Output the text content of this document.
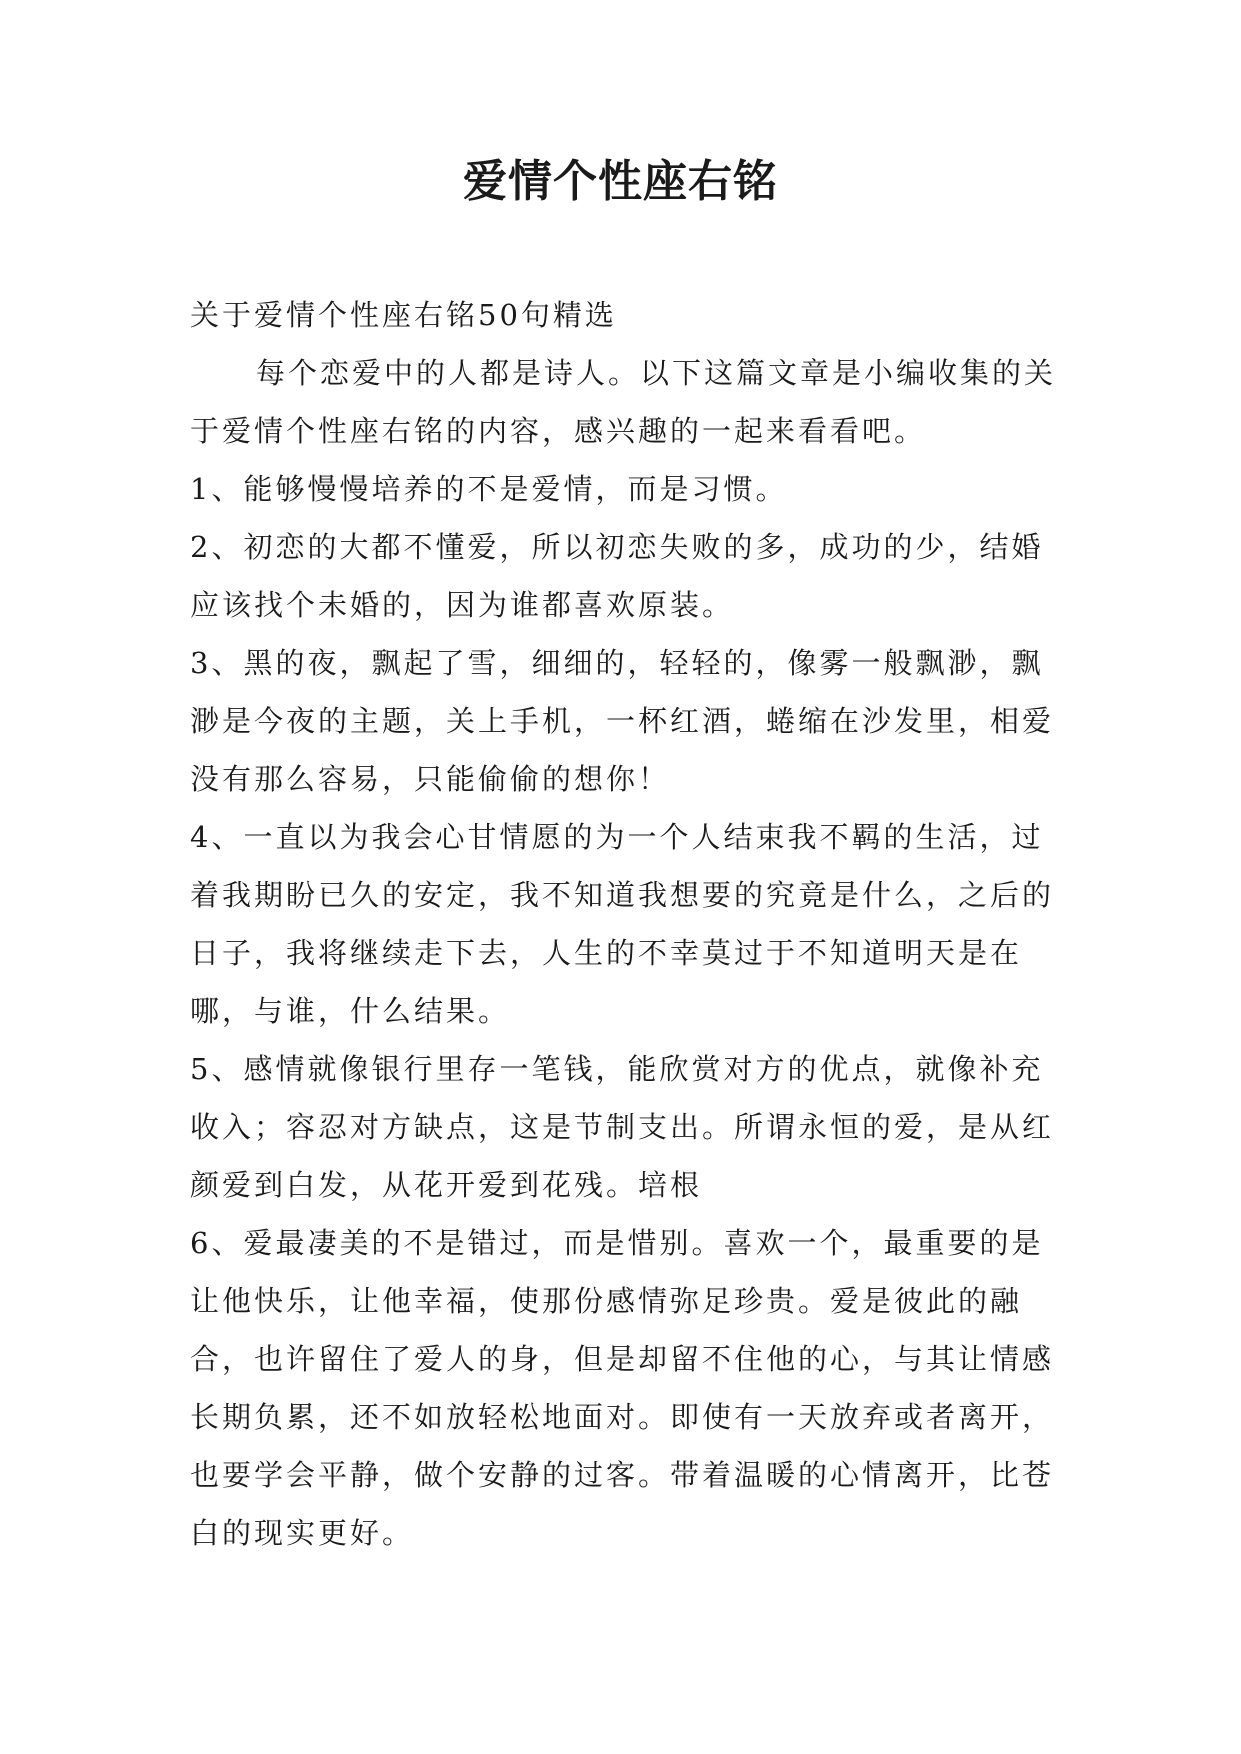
爱情个性座右铭

关于爱情个性座右铭50句精选

每个恋爱中的人都是诗人。以下这篇文章是小编收集的关于爱情个性座右铭的内容，感兴趣的一起来看看吧。

1、能够慢慢培养的不是爱情，而是习惯。

2、初恋的大都不懂爱，所以初恋失败的多，成功的少，结婚应该找个未婚的，因为谁都喜欢原装。

3、黑的夜，飘起了雪，细细的，轻轻的，像雾一般飘渺，飘渺是今夜的主题，关上手机，一杯红酒，蜷缩在沙发里，相爱没有那么容易，只能偷偷的想你！

4、一直以为我会心甘情愿的为一个人结束我不羁的生活，过着我期盼已久的安定，我不知道我想要的究竟是什么，之后的日子，我将继续走下去，人生的不幸莫过于不知道明天是在哪，与谁，什么结果。

5、感情就像银行里存一笔钱，能欣赏对方的优点，就像补充收入；容忍对方缺点，这是节制支出。所谓永恒的爱，是从红颜爱到白发，从花开爱到花残。培根

6、爱最凄美的不是错过，而是惜别。喜欢一个，最重要的是让他快乐，让他幸福，使那份感情弥足珍贵。爱是彼此的融合，也许留住了爱人的身，但是却留不住他的心，与其让情感长期负累，还不如放轻松地面对。即使有一天放弃或者离开，也要学会平静，做个安静的过客。带着温暖的心情离开，比苍白的现实更好。
